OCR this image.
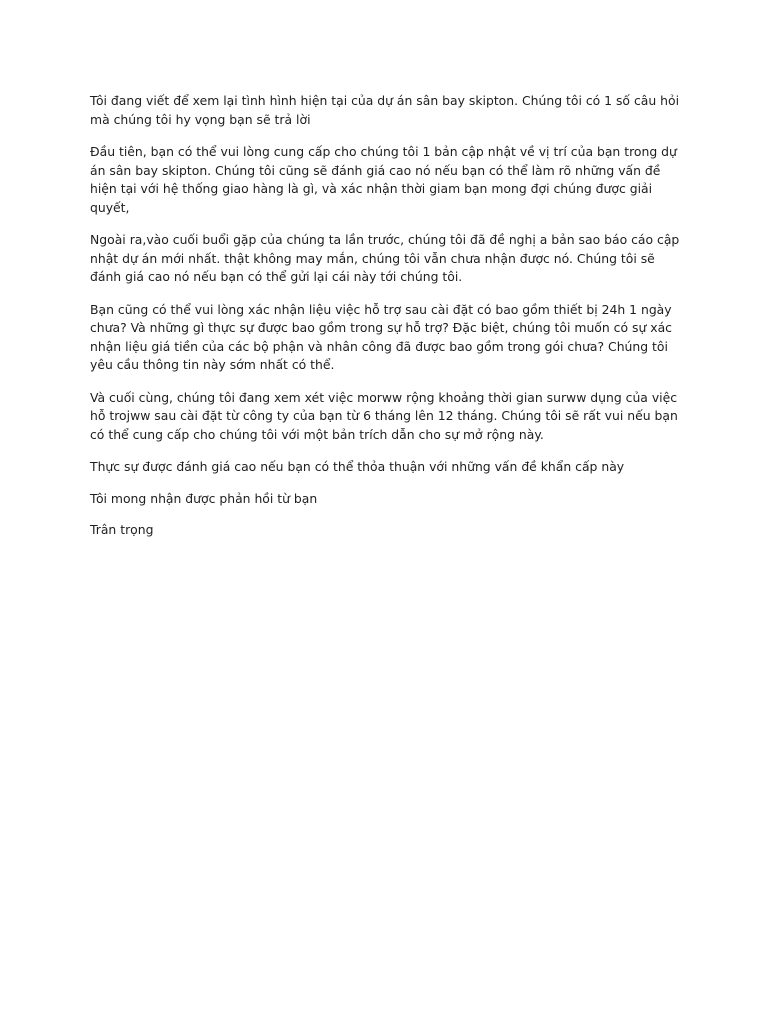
Tôi đang viết để xem lại tình hình hiện tại của dự án sân bay skipton. Chúng tôi có 1 số câu hỏi mà chúng tôi hy vọng bạn sẽ trả lời

Đầu tiên, bạn có thể vui lòng cung cấp cho chúng tôi 1 bản cập nhật về vị trí của bạn trong dự án sân bay skipton. Chúng tôi cũng sẽ đánh giá cao nó nếu bạn có thể làm rõ những vấn đề hiện tại với hệ thống giao hàng là gì, và xác nhận thời giam bạn mong đợi chúng được giải quyết,

Ngoài ra,vào cuối buổi gặp của chúng ta lần trước, chúng tôi đã đề nghị a bản sao báo cáo cập nhật dự án mới nhất. thật không may mắn, chúng tôi vẫn chưa nhận được nó. Chúng tôi sẽ đánh giá cao nó nếu bạn có thể gửi lại cái này tới chúng tôi.

Bạn cũng có thể vui lòng xác nhận liệu việc hỗ trợ sau cài đặt có bao gồm thiết bị 24h 1 ngày chưa? Và những gì thực sự được bao gồm trong sự hỗ trợ? Đặc biệt, chúng tôi muốn có sự xác nhận liệu giá tiền của các bộ phận và nhân công đã được bao gồm trong gói chưa? Chúng tôi yêu cầu thông tin này sớm nhất có thể.

Và cuối cùng, chúng tôi đang xem xét việc morww rộng khoảng thời gian surww dụng của việc hỗ trojww sau cài đặt từ công ty của bạn từ 6 tháng lên 12 tháng. Chúng tôi sẽ rất vui nếu bạn có thể cung cấp cho chúng tôi với một bản trích dẫn cho sự mở rộng này.

Thực sự được đánh giá cao nếu bạn có thể thỏa thuận với những vấn đề khẩn cấp này

Tôi mong nhận được phản hồi từ bạn

Trân trọng
